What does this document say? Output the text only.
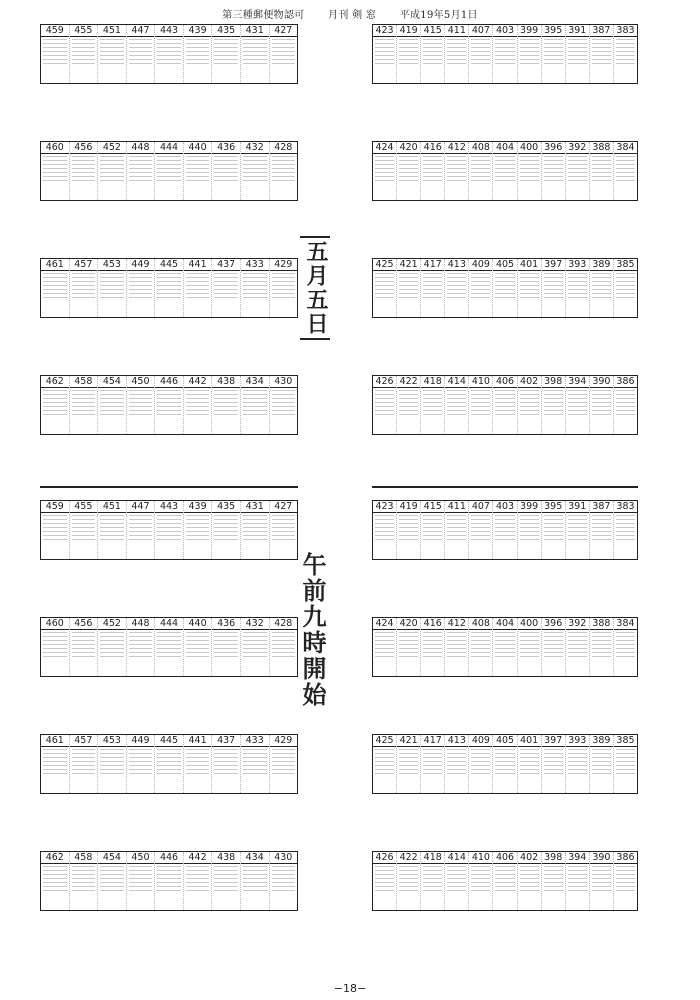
第三種郵便物認可 月刊 剣 窓 平成19年5月1日
459	455	451	447	443	439	435	431	427
460	456	452	448	444	440	436	432	428
461	457	453	449	445	441	437	433	429
462	458	454	450	446	442	438	434	430
459	455	451	447	443	439	435	431	427
460	456	452	448	444	440	436	432	428
461	457	453	449	445	441	437	433	429
462	458	454	450	446	442	438	434	430
423 419 415 411 407 403 399 395 391 387 383
424 420 416 412 408 404 400 396 392 388 384
425 421 417 413 409 405 401 397 393 389 385
426 422 418 414 410 406 402 398 394 390 386
423 419 415 411 407 403 399 395 391 387 383
424 420 416 412 408 404 400 396 392 388 384
425 421 417 413 409 405 401 397 393 389 385
426 422 418 414 410 406 402 398 394 390 386
五月五日
午前九時開始
−18−
